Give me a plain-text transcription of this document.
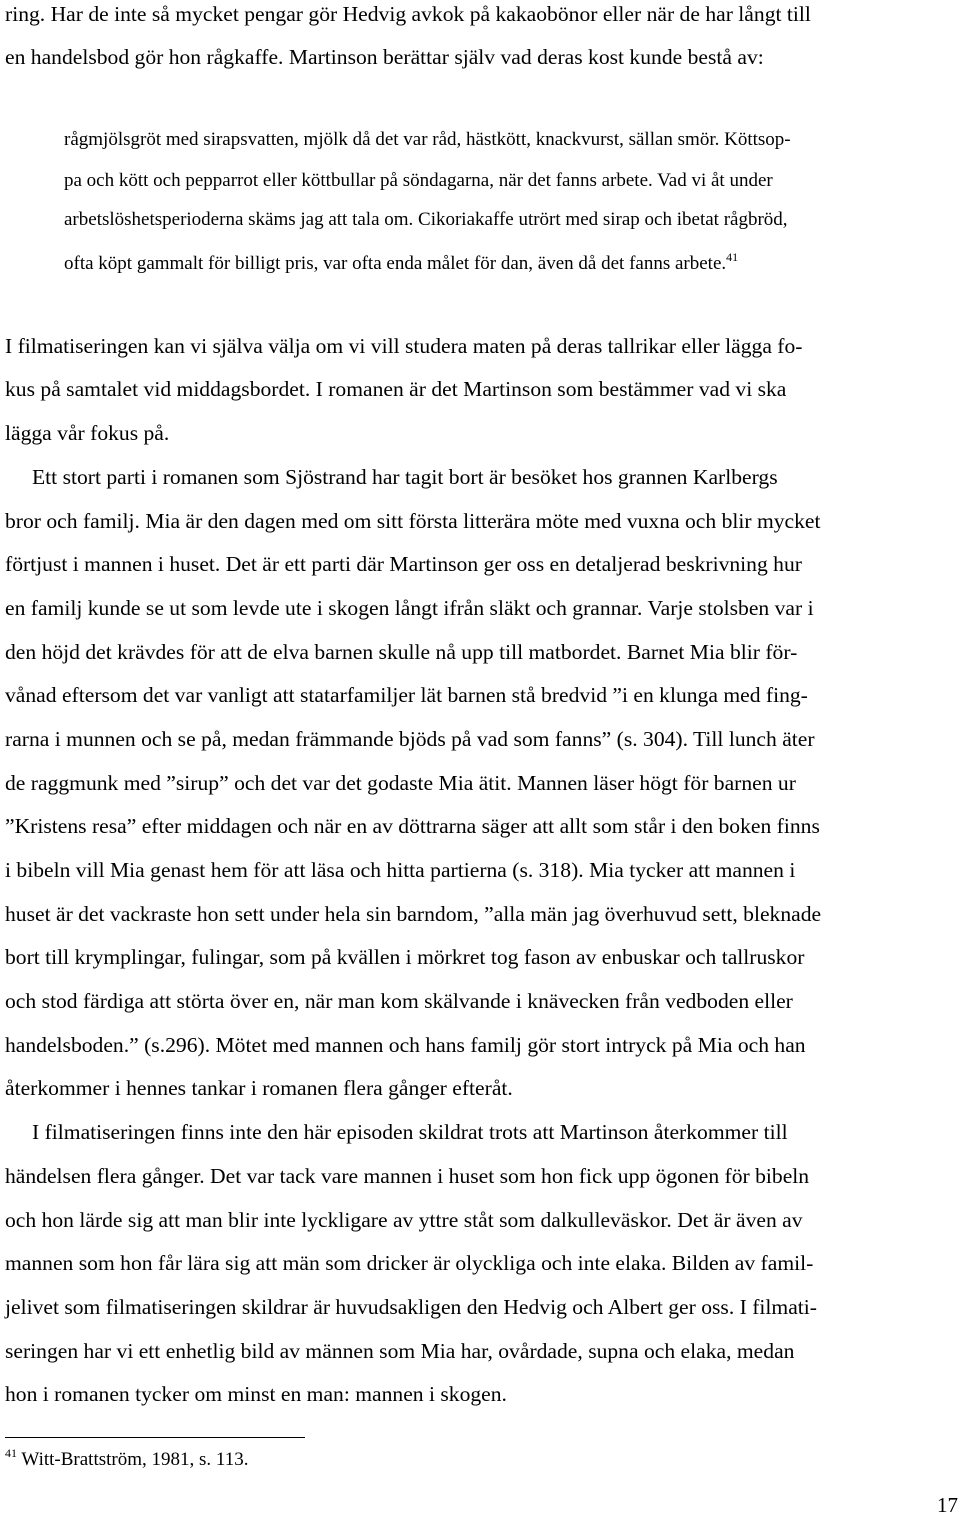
ring. Har de inte så mycket pengar gör Hedvig avkok på kakaobönor eller när de har långt till
en handelsbod gör hon rågkaffe. Martinson berättar själv vad deras kost kunde bestå av:
rågmjölsgröt med sirapsvatten, mjölk då det var råd, hästkött, knackvurst, sällan smör. Köttsop-
pa och kött och pepparrot eller köttbullar på söndagarna, när det fanns arbete. Vad vi åt under
arbetslöshetsperioderna skäms jag att tala om. Cikoriakaffe utrört med sirap och ibetat rågbröd,
ofta köpt gammalt för billigt pris, var ofta enda målet för dan, även då det fanns arbete.$^{41}$
I filmatiseringen kan vi själva välja om vi vill studera maten på deras tallrikar eller lägga fo-
kus på samtalet vid middagsbordet. I romanen är det Martinson som bestämmer vad vi ska
lägga vår fokus på.
Ett stort parti i romanen som Sjöstrand har tagit bort är besöket hos grannen Karlbergs
bror och familj. Mia är den dagen med om sitt första litterära möte med vuxna och blir mycket
förtjust i mannen i huset. Det är ett parti där Martinson ger oss en detaljerad beskrivning hur
en familj kunde se ut som levde ute i skogen långt ifrån släkt och grannar. Varje stolsben var i
den höjd det krävdes för att de elva barnen skulle nå upp till matbordet. Barnet Mia blir för-
vånad eftersom det var vanligt att statarfamiljer lät barnen stå bredvid ”i en klunga med fing-
rarna i munnen och se på, medan främmande bjöds på vad som fanns” (s. 304). Till lunch äter
de raggmunk med ”sirup” och det var det godaste Mia ätit. Mannen läser högt för barnen ur
”Kristens resa” efter middagen och när en av döttrarna säger att allt som står i den boken finns
i bibeln vill Mia genast hem för att läsa och hitta partierna (s. 318). Mia tycker att mannen i
huset är det vackraste hon sett under hela sin barndom, ”alla män jag överhuvud sett, bleknade
bort till krymplingar, fulingar, som på kvällen i mörkret tog fason av enbuskar och tallruskor
och stod färdiga att störta över en, när man kom skälvande i knävecken från vedboden eller
handelsboden.” (s.296). Mötet med mannen och hans familj gör stort intryck på Mia och han
återkommer i hennes tankar i romanen flera gånger efteråt.
I filmatiseringen finns inte den här episoden skildrat trots att Martinson återkommer till
händelsen flera gånger. Det var tack vare mannen i huset som hon fick upp ögonen för bibeln
och hon lärde sig att man blir inte lyckligare av yttre ståt som dalkulleväskor. Det är även av
mannen som hon får lära sig att män som dricker är olyckliga och inte elaka. Bilden av famil-
jelivet som filmatiseringen skildrar är huvudsakligen den Hedvig och Albert ger oss. I filmati-
seringen har vi ett enhetlig bild av männen som Mia har, ovårdade, supna och elaka, medan
hon i romanen tycker om minst en man: mannen i skogen.
$^{41}$ Witt-Brattström, 1981, s. 113.
17
